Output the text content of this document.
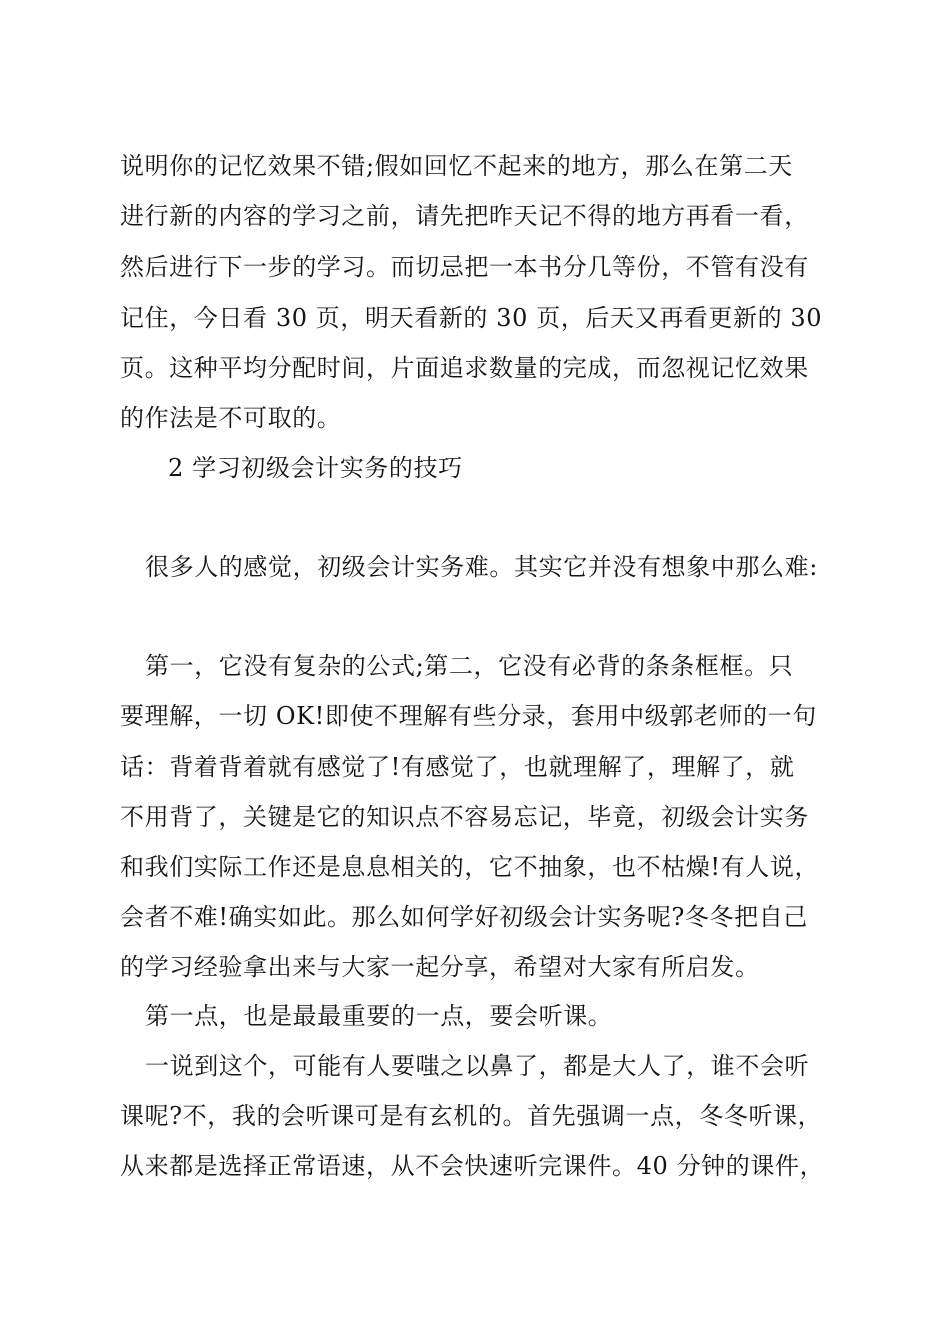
说明你的记忆效果不错;假如回忆不起来的地方，那么在第二天
进行新的内容的学习之前，请先把昨天记不得的地方再看一看，
然后进行下一步的学习。而切忌把一本书分几等份，不管有没有
记住，今日看 30 页，明天看新的 30 页，后天又再看更新的 30
页。这种平均分配时间，片面追求数量的完成，而忽视记忆效果
的作法是不可取的。
2 学习初级会计实务的技巧
很多人的感觉，初级会计实务难。其实它并没有想象中那么难:
第一，它没有复杂的公式;第二，它没有必背的条条框框。只
要理解，一切 OK!即使不理解有些分录，套用中级郭老师的一句
话：背着背着就有感觉了!有感觉了，也就理解了，理解了，就
不用背了，关键是它的知识点不容易忘记，毕竟，初级会计实务
和我们实际工作还是息息相关的，它不抽象，也不枯燥!有人说，
会者不难!确实如此。那么如何学好初级会计实务呢?冬冬把自己
的学习经验拿出来与大家一起分享，希望对大家有所启发。
第一点，也是最最重要的一点，要会听课。
一说到这个，可能有人要嗤之以鼻了，都是大人了，谁不会听
课呢?不，我的会听课可是有玄机的。首先强调一点，冬冬听课，
从来都是选择正常语速，从不会快速听完课件。40 分钟的课件，
